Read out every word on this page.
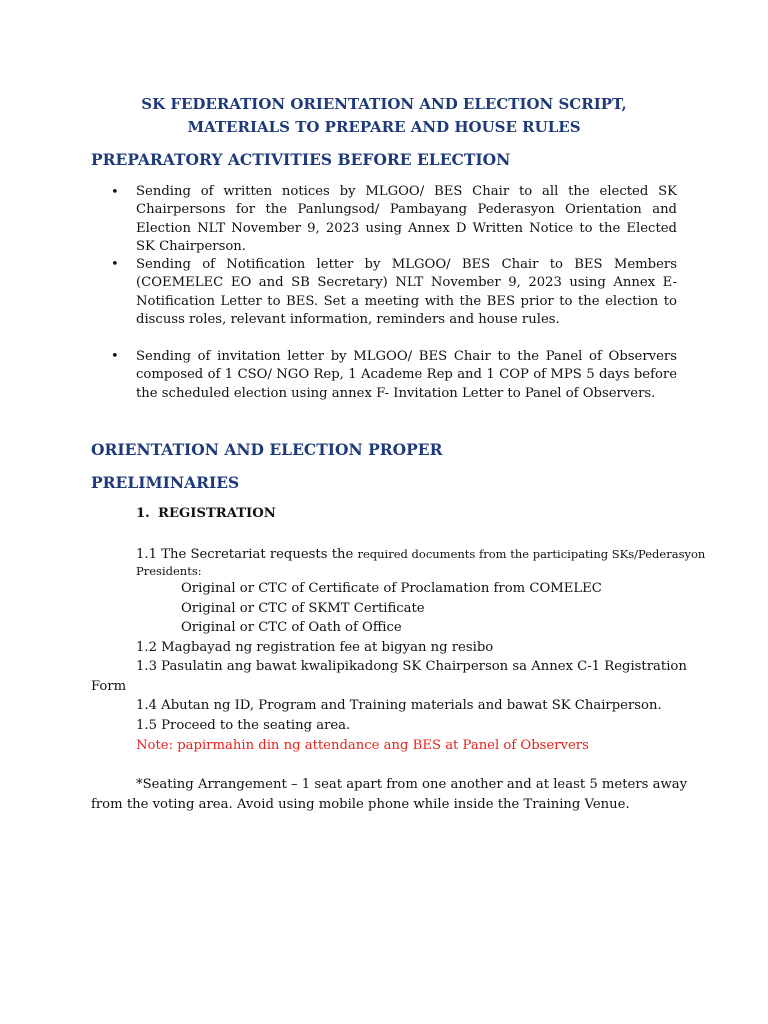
SK FEDERATION ORIENTATION AND ELECTION SCRIPT, MATERIALS TO PREPARE AND HOUSE RULES
PREPARATORY ACTIVITIES BEFORE ELECTION
• Sending of written notices by MLGOO/ BES Chair to all the elected SK Chairpersons for the Panlungsod/ Pambayang Pederasyon Orientation and Election NLT November 9, 2023 using Annex D Written Notice to the Elected SK Chairperson.
• Sending of Notification letter by MLGOO/ BES Chair to BES Members (COEMELEC EO and SB Secretary) NLT November 9, 2023 using Annex E- Notification Letter to BES. Set a meeting with the BES prior to the election to discuss roles, relevant information, reminders and house rules.
• Sending of invitation letter by MLGOO/ BES Chair to the Panel of Observers composed of 1 CSO/ NGO Rep, 1 Academe Rep and 1 COP of MPS 5 days before the scheduled election using annex F- Invitation Letter to Panel of Observers.
ORIENTATION AND ELECTION PROPER
PRELIMINARIES
1. REGISTRATION
1.1 The Secretariat requests the required documents from the participating SKs/Pederasyon
Presidents:
Original or CTC of Certificate of Proclamation from COMELEC
Original or CTC of SKMT Certificate
Original or CTC of Oath of Office
1.2 Magbayad ng registration fee at bigyan ng resibo
1.3 Pasulatin ang bawat kwalipikadong SK Chairperson sa Annex C-1 Registration
Form
1.4 Abutan ng ID, Program and Training materials and bawat SK Chairperson.
1.5 Proceed to the seating area.
Note: papirmahin din ng attendance ang BES at Panel of Observers
*Seating Arrangement – 1 seat apart from one another and at least 5 meters away
from the voting area. Avoid using mobile phone while inside the Training Venue.
